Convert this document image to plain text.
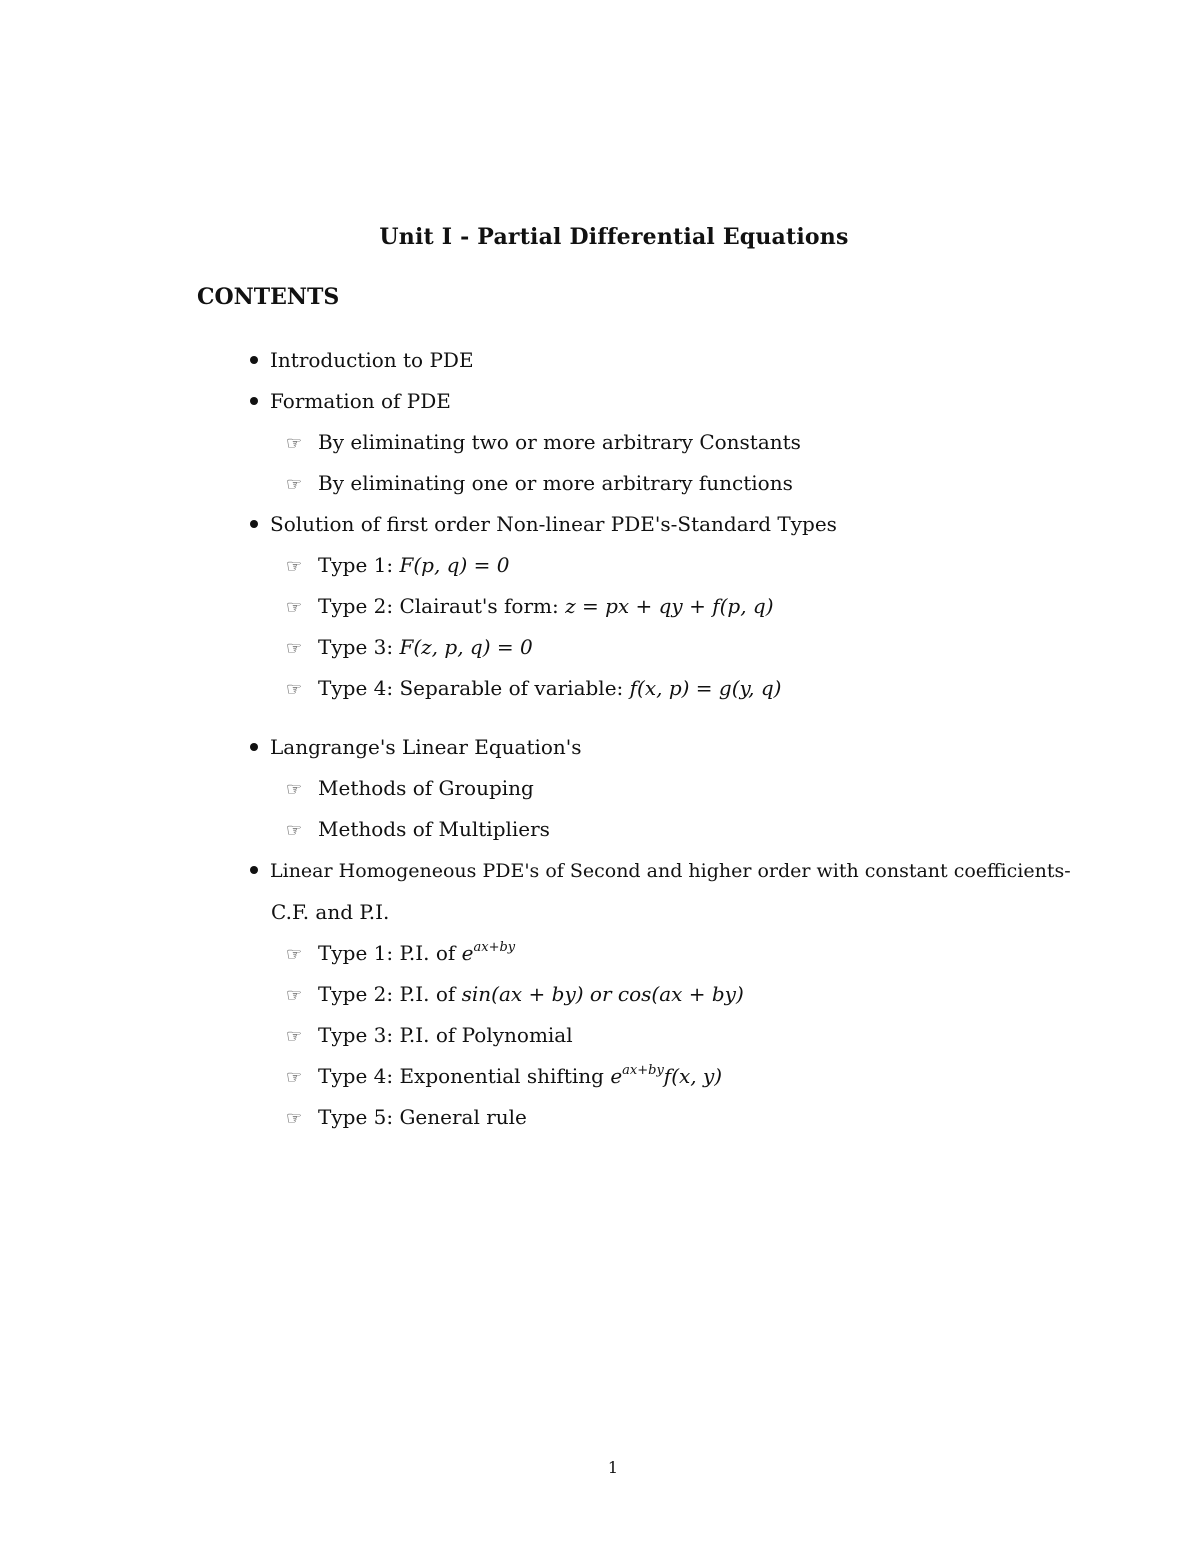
Unit I - Partial Differential Equations
CONTENTS
Introduction to PDE
Formation of PDE
☞ By eliminating two or more arbitrary Constants
☞ By eliminating one or more arbitrary functions
Solution of first order Non-linear PDE's-Standard Types
☞ Type 1: F(p, q) = 0
☞ Type 2: Clairaut's form: z = px + qy + f(p, q)
☞ Type 3: F(z, p, q) = 0
☞ Type 4: Separable of variable: f(x, p) = g(y, q)
Langrange's Linear Equation's
☞ Methods of Grouping
☞ Methods of Multipliers
Linear Homogeneous PDE's of Second and higher order with constant coefficients-
C.F. and P.I.
☞ Type 1: P.I. of $e^{ax+by}$
☞ Type 2: P.I. of sin(ax + by) or cos(ax + by)
☞ Type 3: P.I. of Polynomial
☞ Type 4: Exponential shifting $e^{ax+by}f(x$, y)
☞ Type 5: General rule
1
